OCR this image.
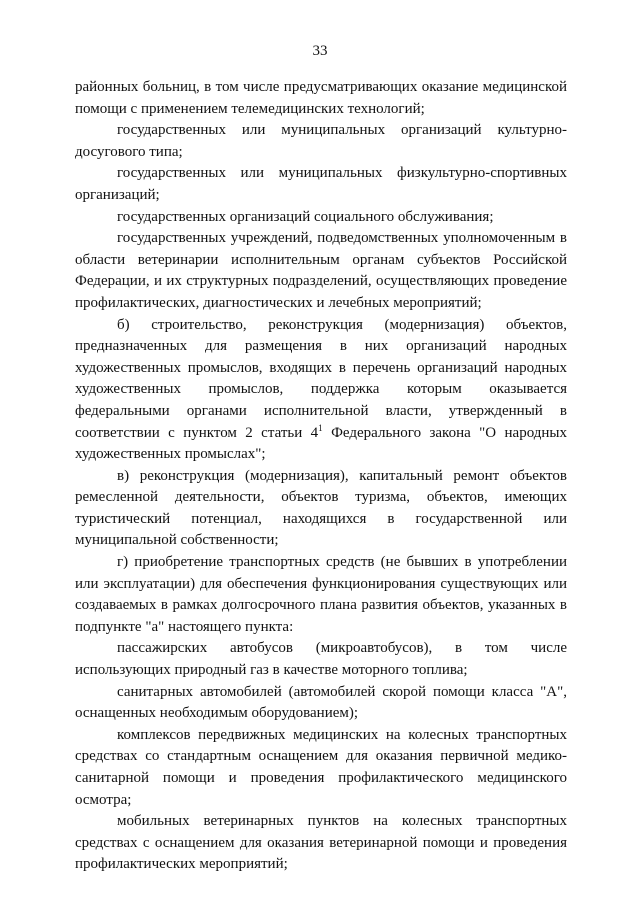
33

районных больниц, в том числе предусматривающих оказание медицинской помощи с применением телемедицинских технологий;

государственных или муниципальных организаций культурно-досугового типа;

государственных или муниципальных физкультурно-спортивных организаций;

государственных организаций социального обслуживания;

государственных учреждений, подведомственных уполномоченным в области ветеринарии исполнительным органам субъектов Российской Федерации, и их структурных подразделений, осуществляющих проведение профилактических, диагностических и лечебных мероприятий;

б) строительство, реконструкция (модернизация) объектов, предназначенных для размещения в них организаций народных художественных промыслов, входящих в перечень организаций народных художественных промыслов, поддержка которым оказывается федеральными органами исполнительной власти, утвержденный в соответствии с пунктом 2 статьи $4^1$ Федерального закона "О народных художественных промыслах";

в) реконструкция (модернизация), капитальный ремонт объектов ремесленной деятельности, объектов туризма, объектов, имеющих туристический потенциал, находящихся в государственной или муниципальной собственности;

г) приобретение транспортных средств (не бывших в употреблении или эксплуатации) для обеспечения функционирования существующих или создаваемых в рамках долгосрочного плана развития объектов, указанных в подпункте "а" настоящего пункта:

пассажирских автобусов (микроавтобусов), в том числе использующих природный газ в качестве моторного топлива;

санитарных автомобилей (автомобилей скорой помощи класса "А", оснащенных необходимым оборудованием);

комплексов передвижных медицинских на колесных транспортных средствах со стандартным оснащением для оказания первичной медико-санитарной помощи и проведения профилактического медицинского осмотра;

мобильных ветеринарных пунктов на колесных транспортных средствах с оснащением для оказания ветеринарной помощи и проведения профилактических мероприятий;
